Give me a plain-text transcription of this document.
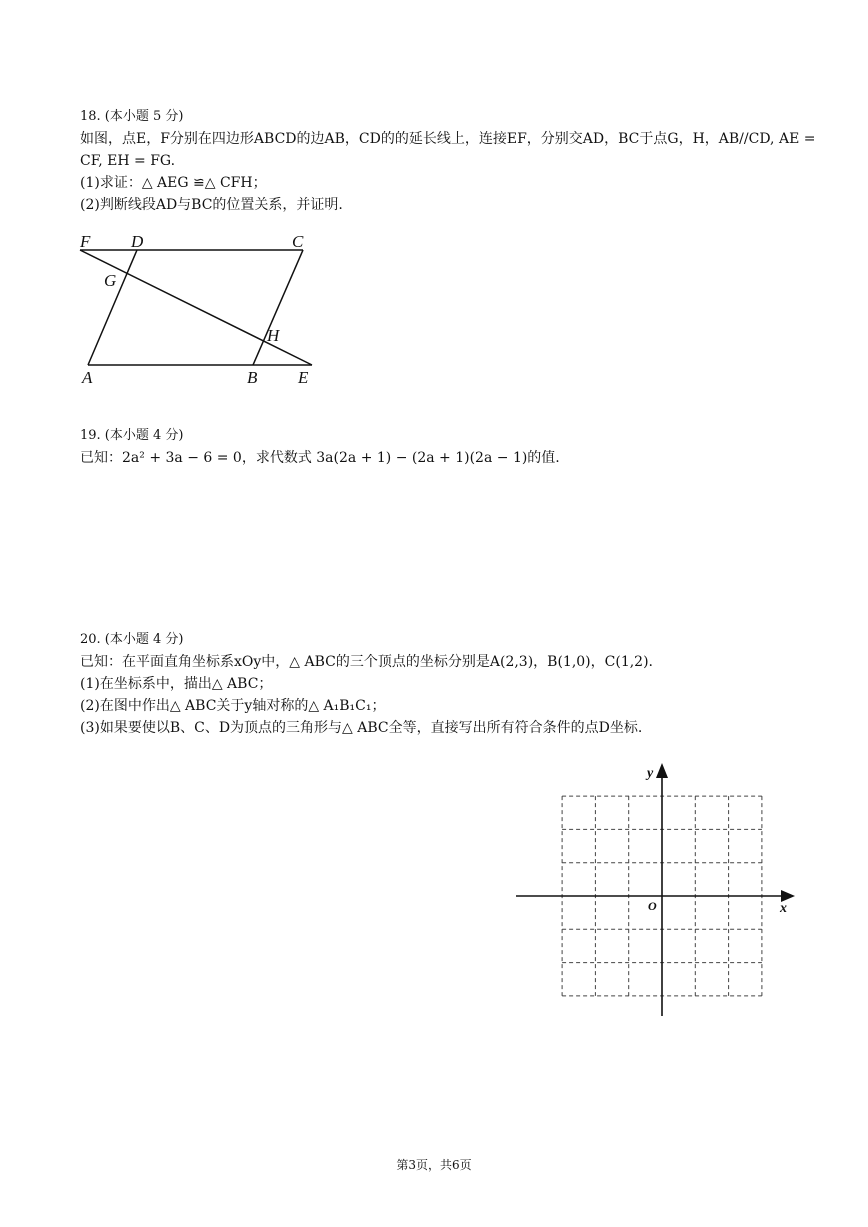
18. (本小题 5 分)
如图，点E，F分别在四边形ABCD的边AB，CD的的延长线上，连接EF，分别交AD，BC于点G，H，AB//CD, AE =
CF, EH = FG.
(1)求证：△ AEG ≌△ CFH；
(2)判断线段AD与BC的位置关系，并证明.
F D	C
G
H
A	B E
19. (本小题 4 分)
已知：2a² + 3a − 6 = 0，求代数式 3a(2a + 1) − (2a + 1)(2a − 1)的值.
20. (本小题 4 分)
已知：在平面直角坐标系xOy中，△ ABC的三个顶点的坐标分别是A(2,3)，B(1,0)，C(1,2).
(1)在坐标系中，描出△ ABC；
(2)在图中作出△ ABC关于y轴对称的△ A₁B₁C₁；
(3)如果要使以B、C、D为顶点的三角形与△ ABC全等，直接写出所有符合条件的点D坐标.
x
y
O
第3页，共6页
